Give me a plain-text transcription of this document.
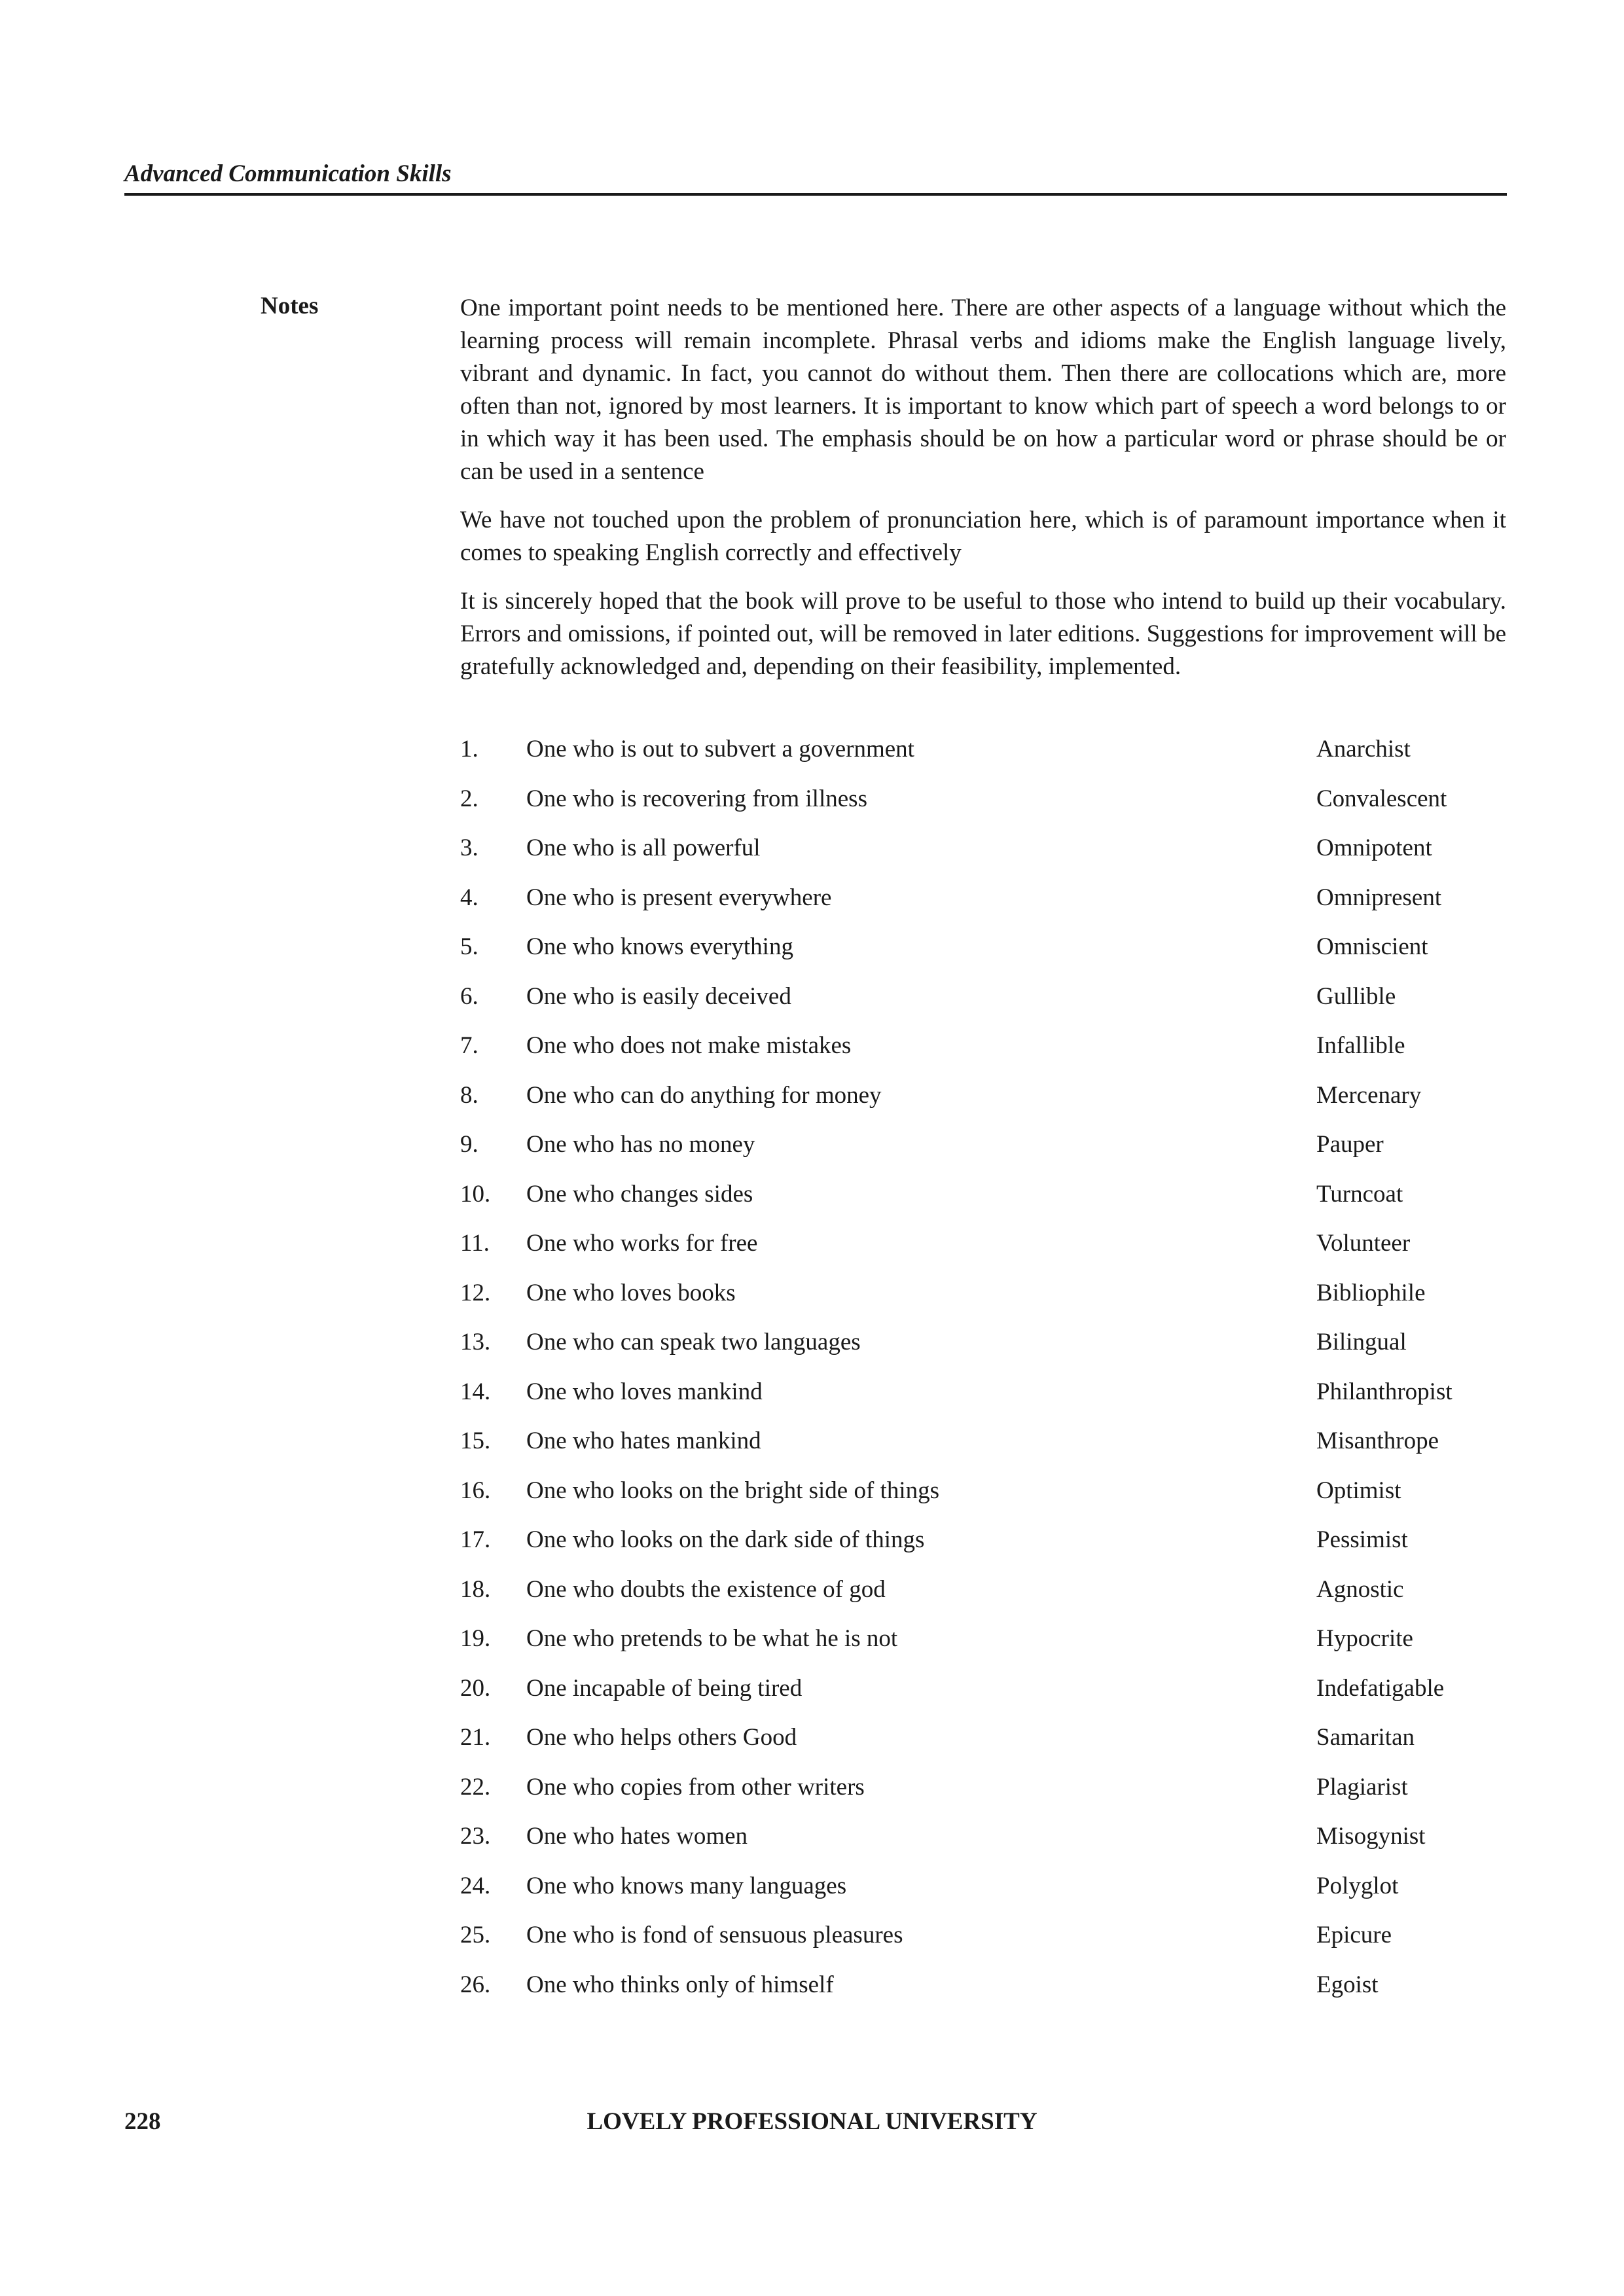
Advanced Communication Skills
Notes	One important point needs to be mentioned here. There are other aspects of a language without which the learning process will remain incomplete. Phrasal verbs and idioms make the English language lively, vibrant and dynamic. In fact, you cannot do without them. Then there are collocations which are, more often than not, ignored by most learners. It is important to know which part of speech a word belongs to or in which way it has been used. The emphasis should be on how a particular word or phrase should be or can be used in a sentence

We have not touched upon the problem of pronunciation here, which is of paramount importance when it comes to speaking English correctly and effectively

It is sincerely hoped that the book will prove to be useful to those who intend to build up their vocabulary. Errors and omissions, if pointed out, will be removed in later editions. Suggestions for improvement will be gratefully acknowledged and, depending on their feasibility, implemented.

1. One who is out to subvert a government	Anarchist
2. One who is recovering from illness	Convalescent
3. One who is all powerful	Omnipotent
4. One who is present everywhere	Omnipresent
5. One who knows everything	Omniscient
6. One who is easily deceived	Gullible
7. One who does not make mistakes	Infallible
8. One who can do anything for money	Mercenary
9. One who has no money	Pauper
10. One who changes sides	Turncoat
11. One who works for free	Volunteer
12. One who loves books	Bibliophile
13. One who can speak two languages	Bilingual
14. One who loves mankind	Philanthropist
15. One who hates mankind	Misanthrope
16. One who looks on the bright side of things	Optimist
17. One who looks on the dark side of things	Pessimist
18. One who doubts the existence of god	Agnostic
19. One who pretends to be what he is not	Hypocrite
20. One incapable of being tired	Indefatigable
21. One who helps others Good	Samaritan
22. One who copies from other writers	Plagiarist
23. One who hates women	Misogynist
24. One who knows many languages	Polyglot
25. One who is fond of sensuous pleasures	Epicure
26. One who thinks only of himself	Egoist
228	LOVELY PROFESSIONAL UNIVERSITY
